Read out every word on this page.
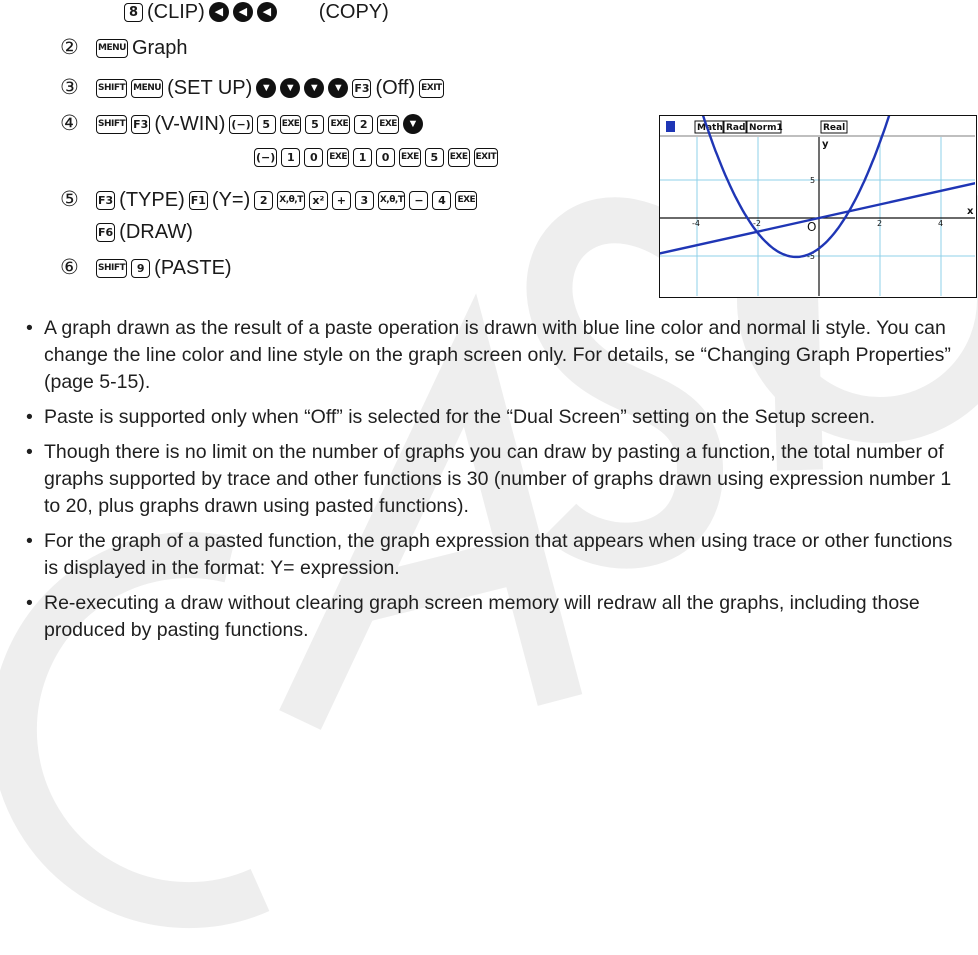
8 (CLIP) ◀	◀	◀ (COPY)
②	MENU Graph
③	SHIFT MENU (SET UP) ▼	▼	▼	▼ F3 (Off) EXIT
④	SHIFT F3 (V-WIN) (−)	5	EXE	5	EXE	2	EXE ▼
(−)	1	0	EXE	1	0	EXE	5	EXE EXIT
⑤	F3 (TYPE) F1 (Y=) 2	X,θ,T x²	+	3	X,θ,T −	4	EXE
F6 (DRAW)
⑥	SHIFT	9 (PASTE)
Math Rad Norm1	Real
x
y
O
-4	-2	2	4
5
-5
• A graph drawn as the result of a paste operation is drawn with blue line color and normal li style. You can change the line color and line style on the graph screen only. For details, se “Changing Graph Properties” (page 5-15).
• Paste is supported only when “Off” is selected for the “Dual Screen” setting on the Setup screen.
• Though there is no limit on the number of graphs you can draw by pasting a function, the total number of graphs supported by trace and other functions is 30 (number of graphs drawn using expression number 1 to 20, plus graphs drawn using pasted functions).
• For the graph of a pasted function, the graph expression that appears when using trace or other functions is displayed in the format: Y= expression.
• Re-executing a draw without clearing graph screen memory will redraw all the graphs, including those produced by pasting functions.
